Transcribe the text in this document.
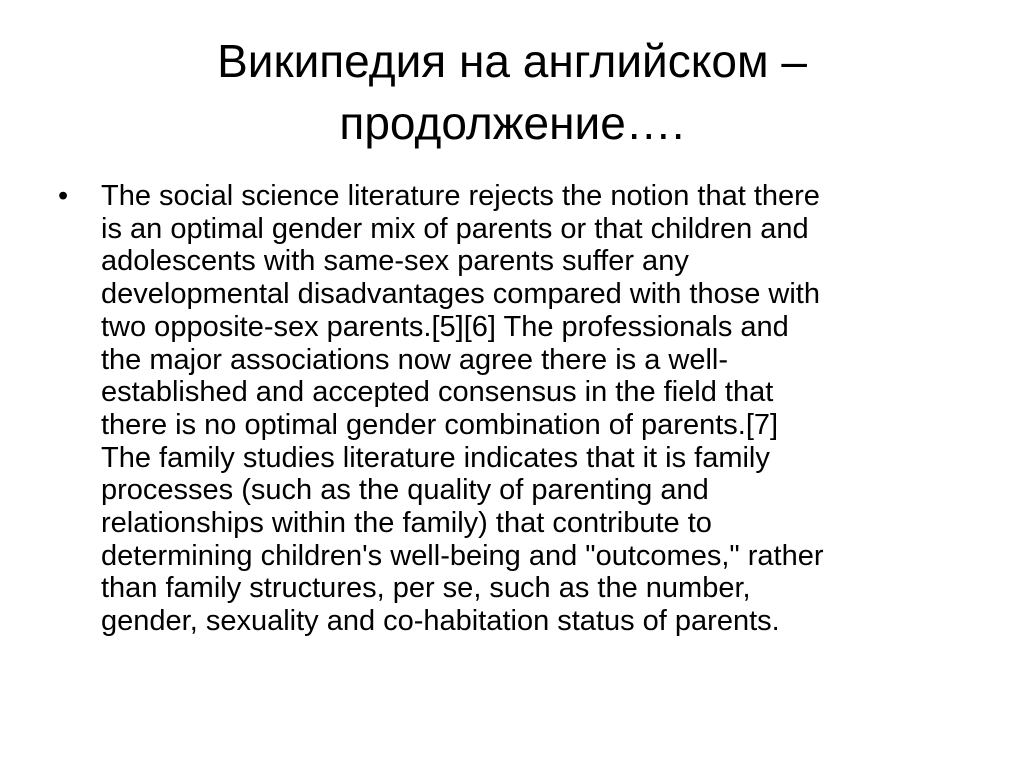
Википедия на английском –
продолжение….
•	The social science literature rejects the notion that there
is an optimal gender mix of parents or that children and
adolescents with same-sex parents suffer any
developmental disadvantages compared with those with
two opposite-sex parents.[5][6] The professionals and
the major associations now agree there is a well-
established and accepted consensus in the field that
there is no optimal gender combination of parents.[7]
The family studies literature indicates that it is family
processes (such as the quality of parenting and
relationships within the family) that contribute to
determining children's well-being and "outcomes," rather
than family structures, per se, such as the number,
gender, sexuality and co-habitation status of parents.
